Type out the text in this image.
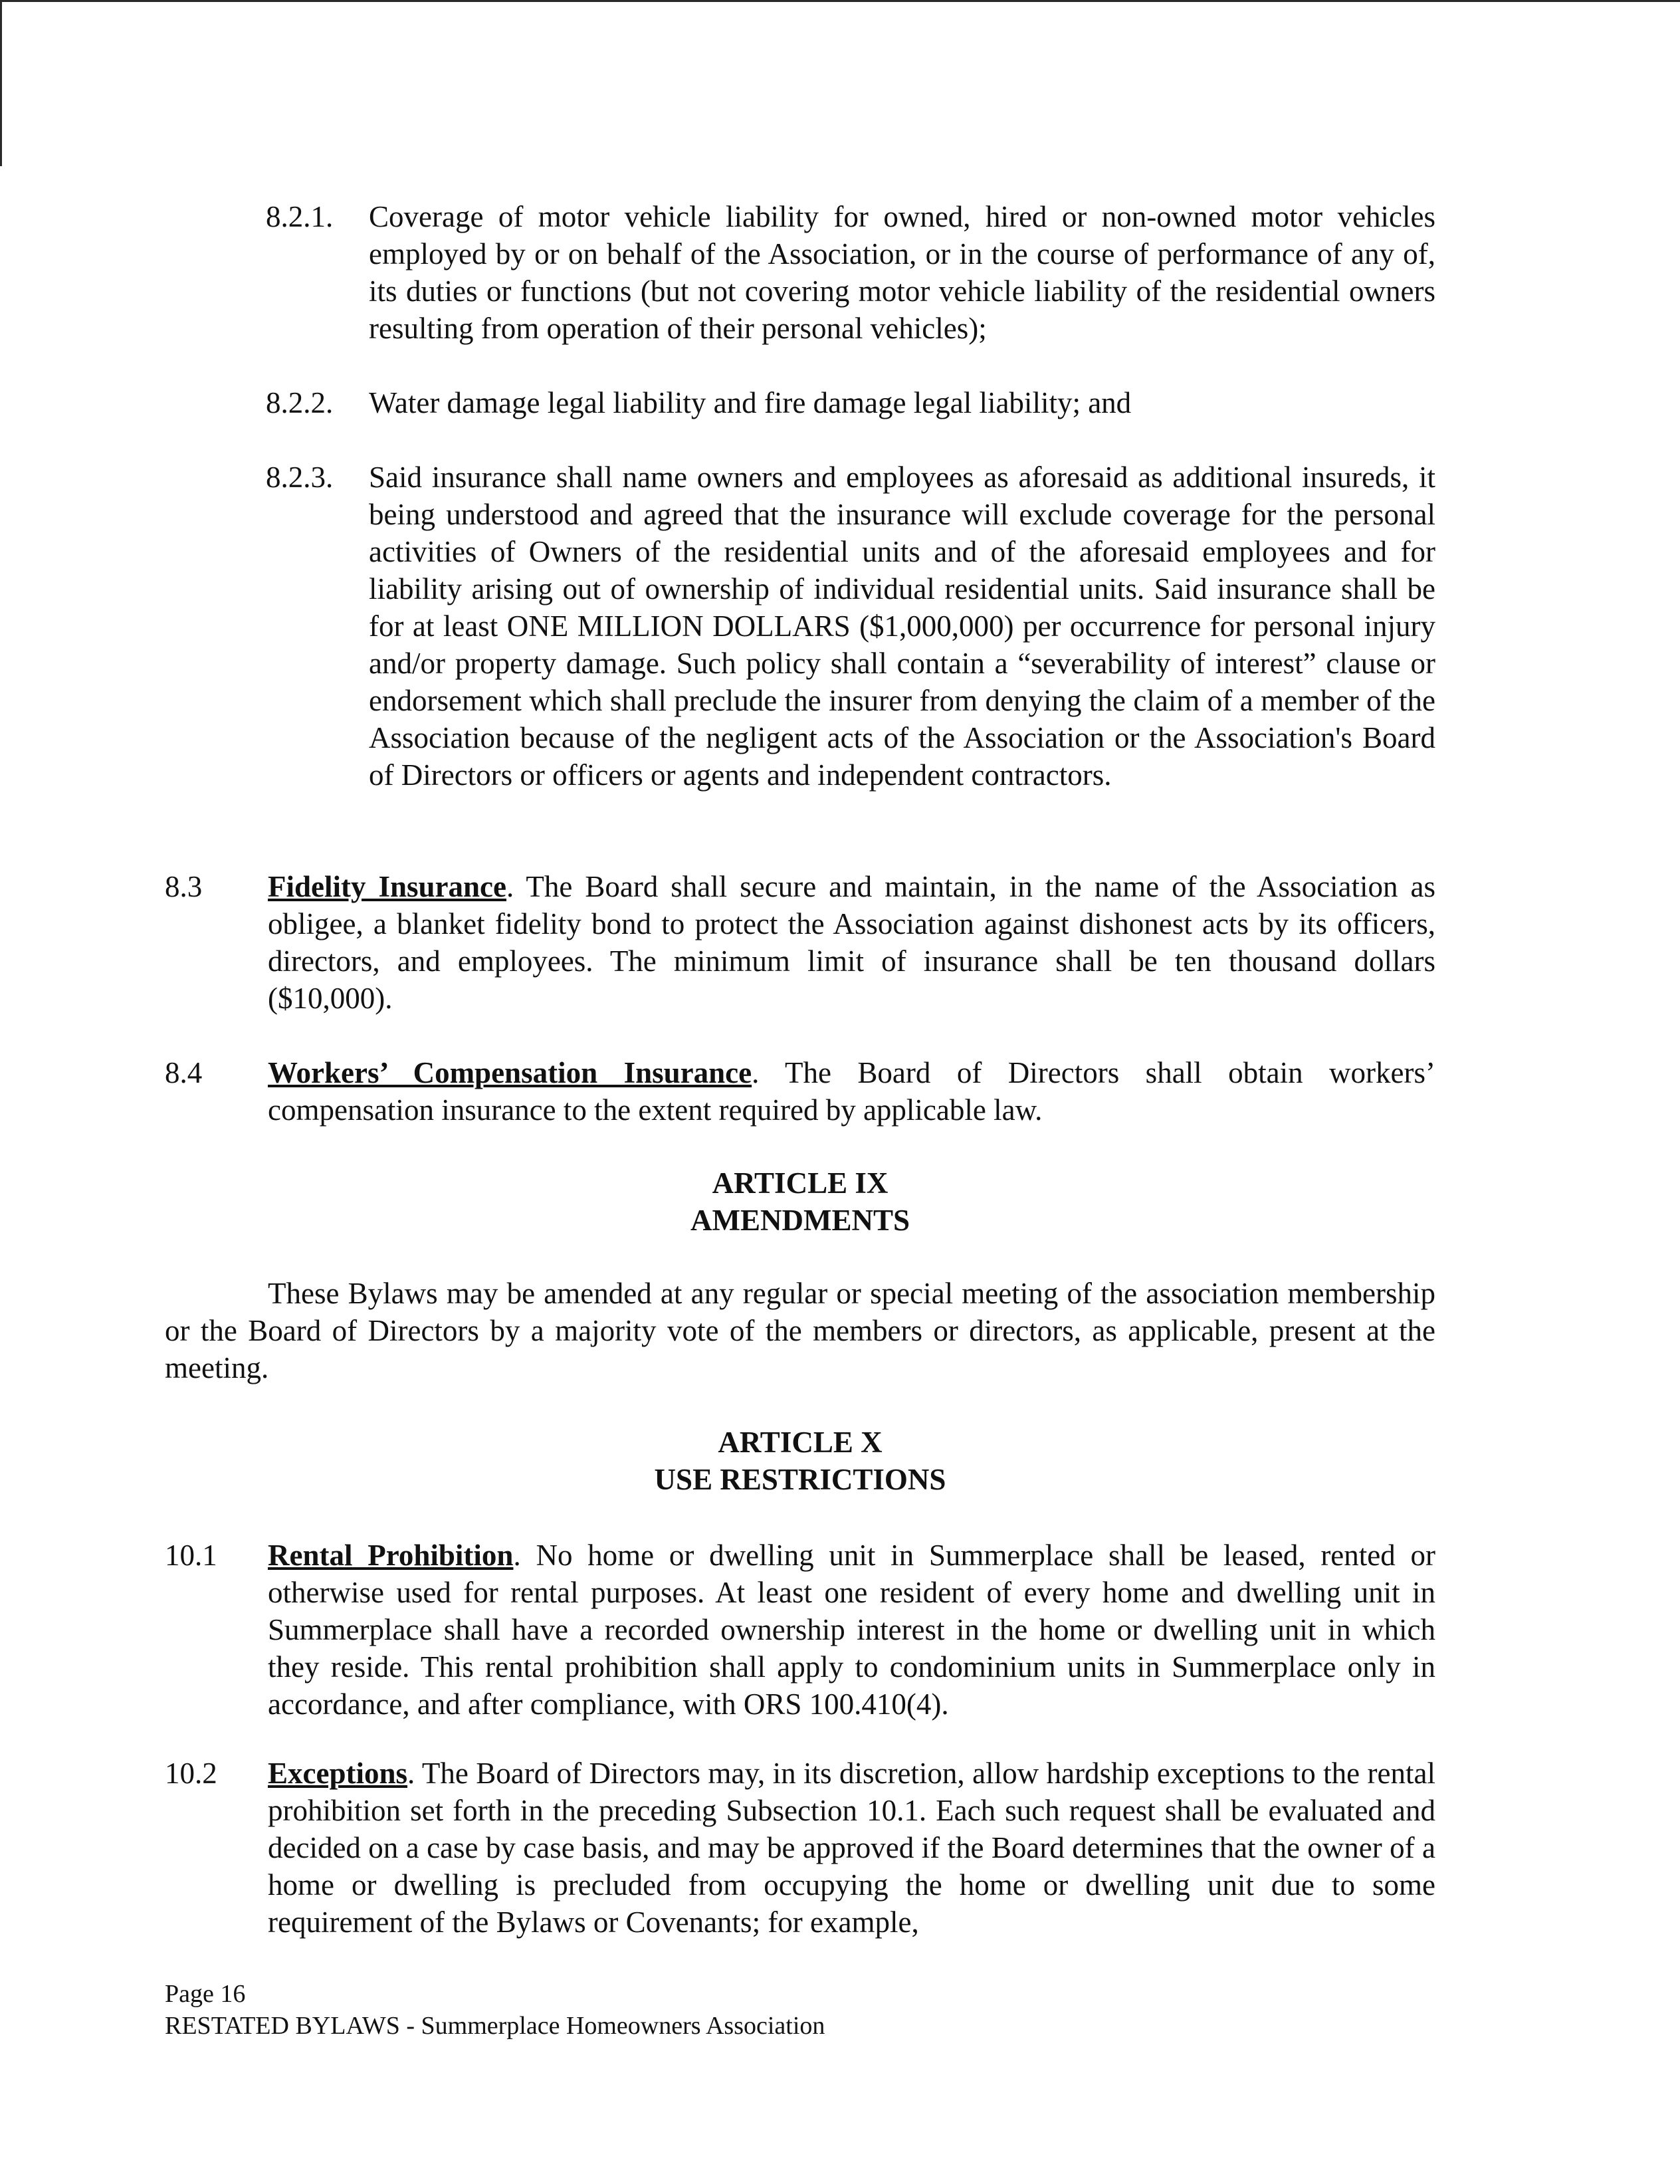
8.2.1. Coverage of motor vehicle liability for owned, hired or non-owned motor vehicles employed by or on behalf of the Association, or in the course of performance of any of, its duties or functions (but not covering motor vehicle liability of the residential owners resulting from operation of their personal vehicles);
8.2.2. Water damage legal liability and fire damage legal liability; and
8.2.3. Said insurance shall name owners and employees as aforesaid as additional insureds, it being understood and agreed that the insurance will exclude coverage for the personal activities of Owners of the residential units and of the aforesaid employees and for liability arising out of ownership of individual residential units. Said insurance shall be for at least ONE MILLION DOLLARS ($1,000,000) per occurrence for personal injury and/or property damage. Such policy shall contain a “severability of interest” clause or endorsement which shall preclude the insurer from denying the claim of a member of the Association because of the negligent acts of the Association or the Association's Board of Directors or officers or agents and independent contractors.
8.3 Fidelity Insurance. The Board shall secure and maintain, in the name of the Association as obligee, a blanket fidelity bond to protect the Association against dishonest acts by its officers, directors, and employees. The minimum limit of insurance shall be ten thousand dollars ($10,000).
8.4 Workers’ Compensation Insurance. The Board of Directors shall obtain workers’ compensation insurance to the extent required by applicable law.
ARTICLE IX
AMENDMENTS
These Bylaws may be amended at any regular or special meeting of the association membership or the Board of Directors by a majority vote of the members or directors, as applicable, present at the meeting.
ARTICLE X
USE RESTRICTIONS
10.1 Rental Prohibition. No home or dwelling unit in Summerplace shall be leased, rented or otherwise used for rental purposes. At least one resident of every home and dwelling unit in Summerplace shall have a recorded ownership interest in the home or dwelling unit in which they reside. This rental prohibition shall apply to condominium units in Summerplace only in accordance, and after compliance, with ORS 100.410(4).
10.2 Exceptions. The Board of Directors may, in its discretion, allow hardship exceptions to the rental prohibition set forth in the preceding Subsection 10.1. Each such request shall be evaluated and decided on a case by case basis, and may be approved if the Board determines that the owner of a home or dwelling is precluded from occupying the home or dwelling unit due to some requirement of the Bylaws or Covenants; for example,
Page 16
RESTATED BYLAWS - Summerplace Homeowners Association
